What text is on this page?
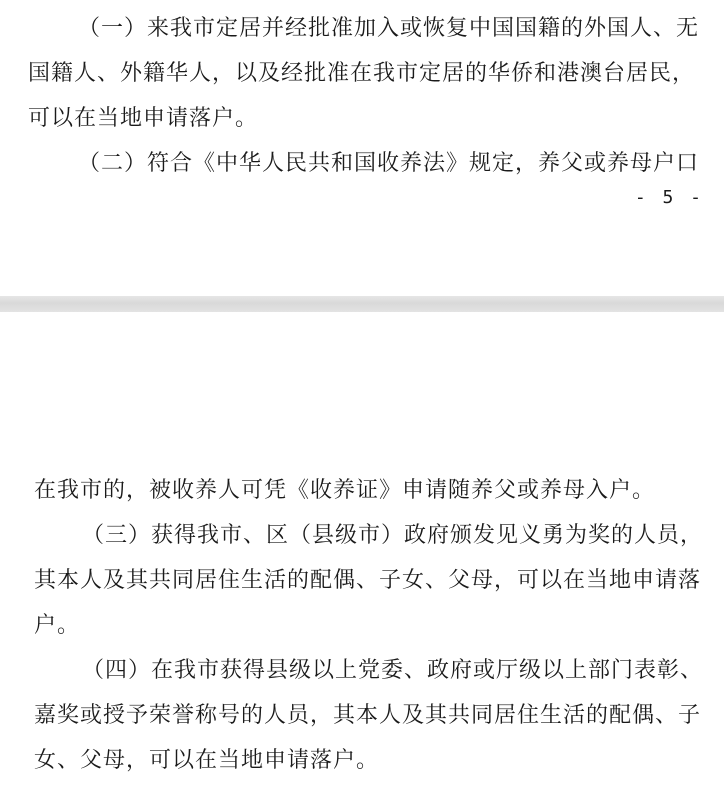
（一）来我市定居并经批准加入或恢复中国国籍的外国人、无
国籍人、外籍华人，以及经批准在我市定居的华侨和港澳台居民，
可以在当地申请落户。
（二）符合《中华人民共和国收养法》规定，养父或养母户口
- 5 -
在我市的，被收养人可凭《收养证》申请随养父或养母入户。
（三）获得我市、区（县级市）政府颁发见义勇为奖的人员，
其本人及其共同居住生活的配偶、子女、父母，可以在当地申请落
户。
（四）在我市获得县级以上党委、政府或厅级以上部门表彰、
嘉奖或授予荣誉称号的人员，其本人及其共同居住生活的配偶、子
女、父母，可以在当地申请落户。
